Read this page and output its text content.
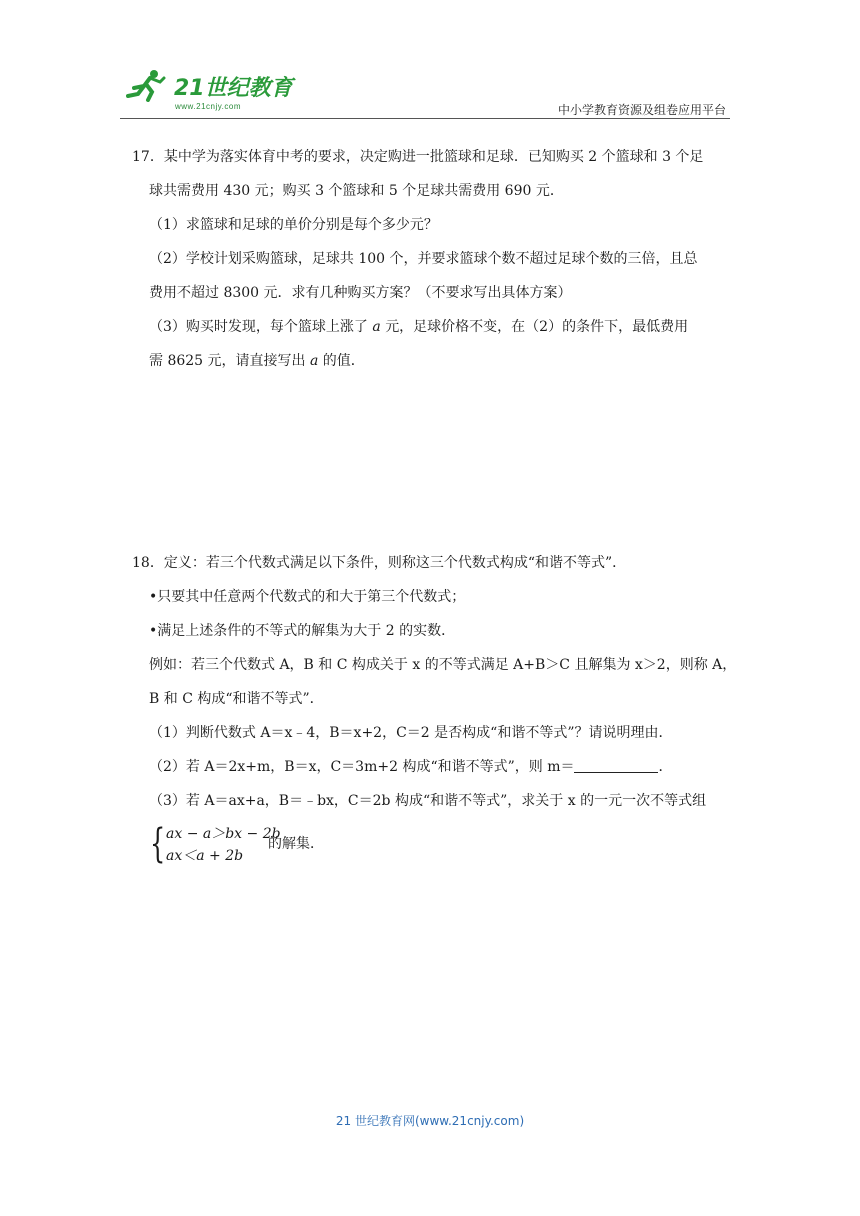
21世纪教育
www.21cnjy.com	中小学教育资源及组卷应用平台

17．某中学为落实体育中考的要求，决定购进一批篮球和足球．已知购买 2 个篮球和 3 个足

球共需费用 430 元；购买 3 个篮球和 5 个足球共需费用 690 元．

（1）求篮球和足球的单价分别是每个多少元？

（2）学校计划采购篮球，足球共 100 个，并要求篮球个数不超过足球个数的三倍，且总

费用不超过 8300 元．求有几种购买方案？（不要求写出具体方案）

（3）购买时发现，每个篮球上涨了 a 元，足球价格不变，在（2）的条件下，最低费用

需 8625 元，请直接写出 a 的值．

18．定义：若三个代数式满足以下条件，则称这三个代数式构成“和谐不等式”．

•只要其中任意两个代数式的和大于第三个代数式；

•满足上述条件的不等式的解集为大于 2 的实数．

例如：若三个代数式 A，B 和 C 构成关于 x 的不等式满足 A+B＞C 且解集为 x＞2，则称 A，

B 和 C 构成“和谐不等式”．

（1）判断代数式 A＝x﹣4，B＝x+2，C＝2 是否构成“和谐不等式”？请说明理由．

（2）若 A＝2x+m，B＝x，C＝3m+2 构成“和谐不等式”，则 m＝	．

（3）若 A＝ax+a，B＝﹣bx，C＝2b 构成“和谐不等式”，求关于 x 的一元一次不等式组

{ ax − a＞bx − 2b
ax＜a + 2b
的解集．
21 世纪教育网(www.21cnjy.com)
